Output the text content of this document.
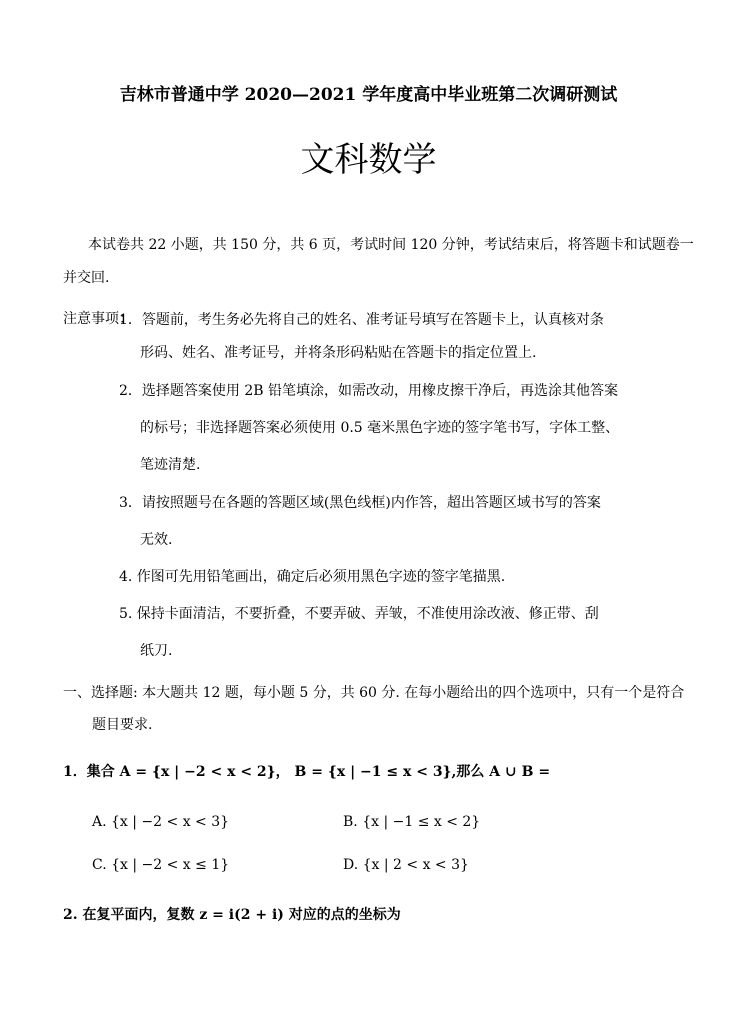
吉林市普通中学 2020—2021 学年度高中毕业班第二次调研测试
文科数学
本试卷共 22 小题，共 150 分，共 6 页，考试时间 120 分钟，考试结束后，将答题卡和试题卷一
并交回.
注意事项：
1．答题前，考生务必先将自己的姓名、准考证号填写在答题卡上，认真核对条
形码、姓名、准考证号，并将条形码粘贴在答题卡的指定位置上.
2．选择题答案使用 2B 铅笔填涂，如需改动，用橡皮擦干净后，再选涂其他答案
的标号；非选择题答案必须使用 0.5 毫米黑色字迹的签字笔书写，字体工整、
笔迹清楚.
3．请按照题号在各题的答题区域(黑色线框)内作答，超出答题区域书写的答案
无效.
4. 作图可先用铅笔画出，确定后必须用黑色字迹的签字笔描黑.
5. 保持卡面清洁，不要折叠，不要弄破、弄皱，不准使用涂改液、修正带、刮
纸刀.
一、选择题: 本大题共 12 题，每小题 5 分，共 60 分. 在每小题给出的四个选项中，只有一个是符合
题目要求.
1．集合 A = {x | −2 < x < 2}， B = {x | −1 ≤ x < 3},那么 A ∪ B =
A. {x | −2 < x < 3}	B. {x | −1 ≤ x < 2}
C. {x | −2 < x ≤ 1}	D. {x | 2 < x < 3}
2. 在复平面内，复数 z = i(2 + i) 对应的点的坐标为
